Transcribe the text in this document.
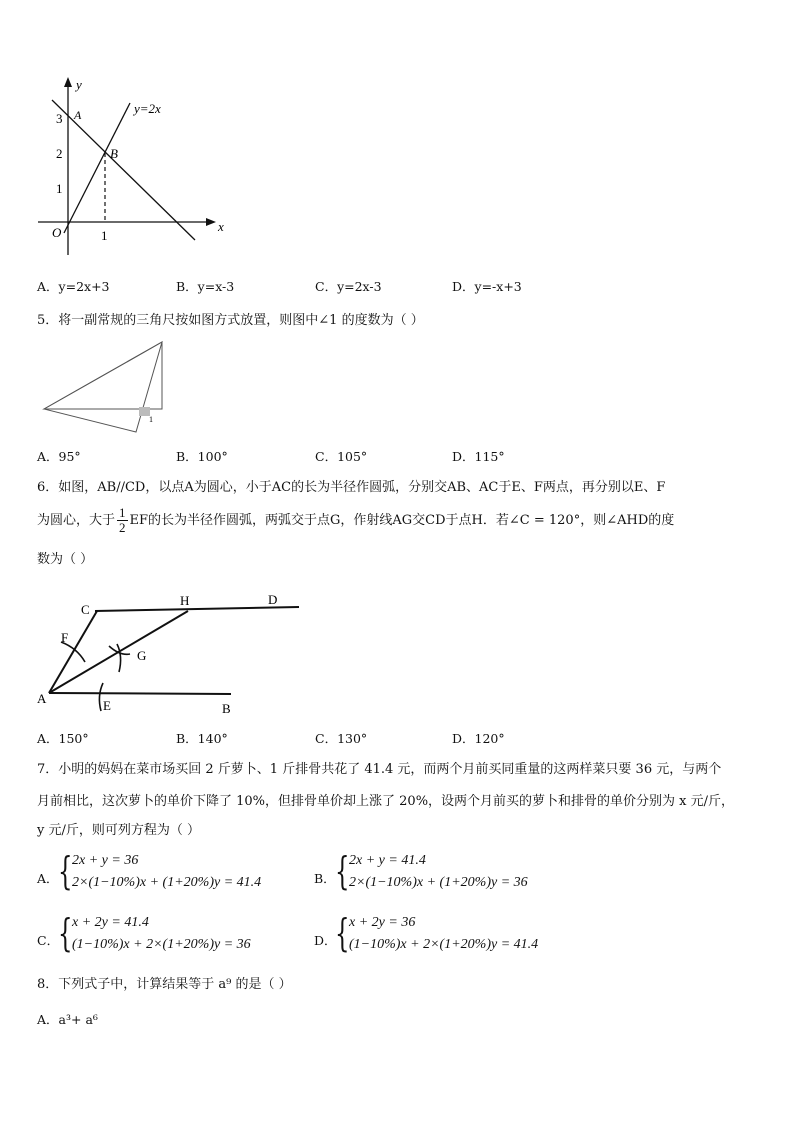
y
x
y=2x
A
B
O
3
2
1
1
A．y=2x+3	B．y=x-3	C．y=2x-3	D．y=-x+3
5．将一副常规的三角尺按如图方式放置，则图中∠1 的度数为（ ）
1
A．95°	B．100°	C．105°	D．115°
6．如图，AB//CD，以点A为圆心，小于AC的长为半径作圆弧，分别交AB、AC于E、F两点，再分别以E、F
为圆心，大于 $\frac{1}{2}$ EF的长为半径作圆弧，两弧交于点G，作射线AG交CD于点H．若∠C = 120°，则∠AHD的度
数为（ ）
C
H	D
F
G
A	E	B
A．150°	B．140°	C．130°	D．120°
7．小明的妈妈在菜市场买回 2 斤萝卜、1 斤排骨共花了 41.4 元，而两个月前买同重量的这两样菜只要 36 元，与两个
月前相比，这次萝卜的单价下降了 10%，但排骨单价却上涨了 20%，设两个月前买的萝卜和排骨的单价分别为 x 元/斤，
y 元/斤，则可列方程为（ ）
A． { 2x + y = 36
2×(1−10%)x + (1+20%)y = 41.4	B． { 2x + y = 41.4
2×(1−10%)x + (1+20%)y = 36
C．
{ x + 2y = 41.4
(1−10%)x + 2×(1+20%)y = 36	D．
{ x + 2y = 36
(1−10%)x + 2×(1+20%)y = 41.4
8．下列式子中，计算结果等于 a⁹ 的是（ ）
A．a³+ a⁶
